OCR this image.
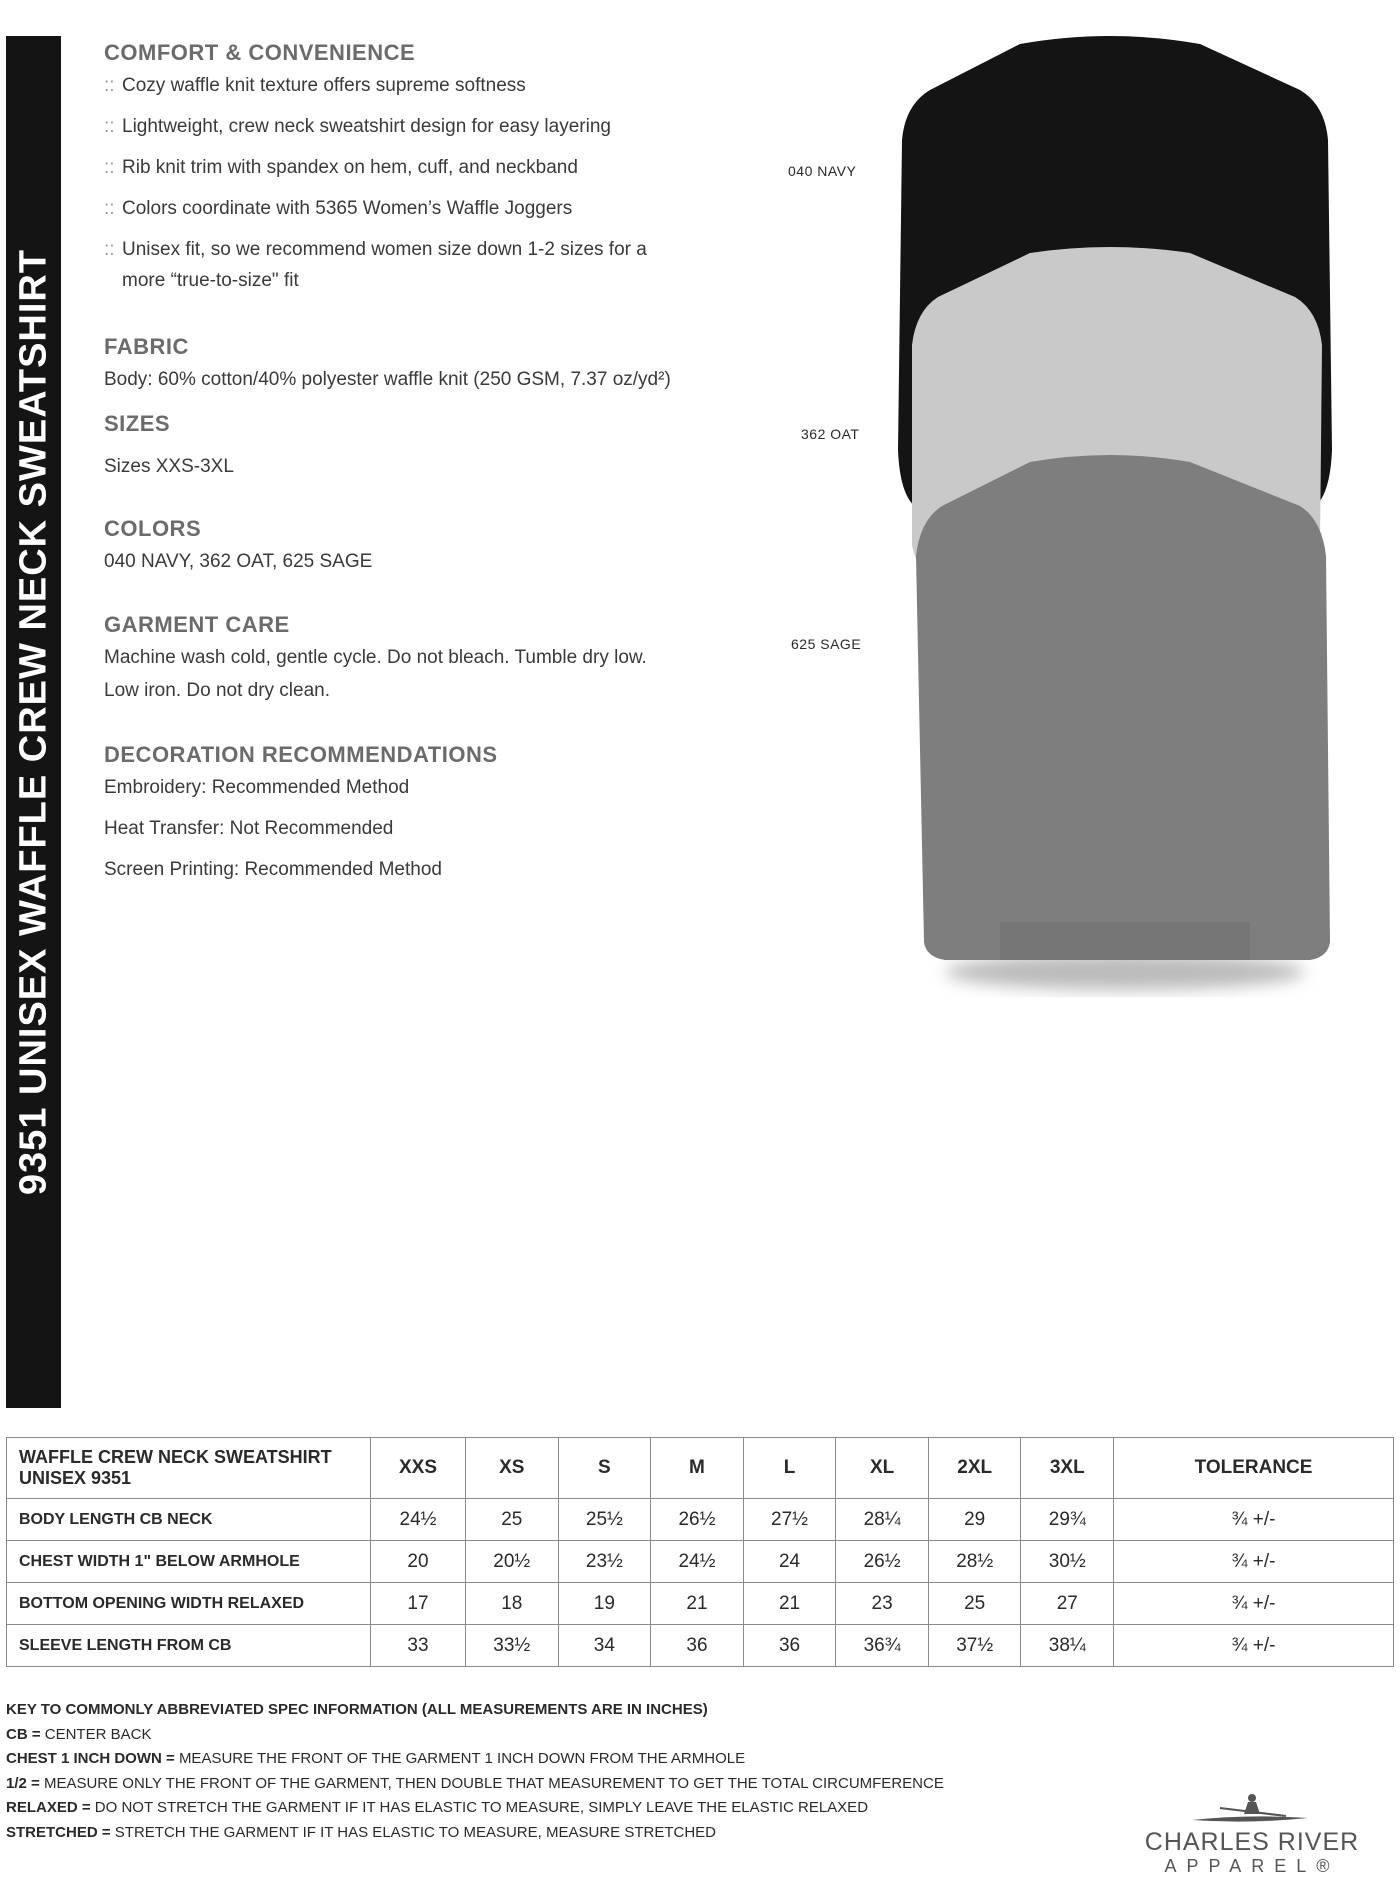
9351 UNISEX WAFFLE CREW NECK SWEATSHIRT
COMFORT & CONVENIENCE

:: Cozy waffle knit texture offers supreme softness

:: Lightweight, crew neck sweatshirt design for easy layering

:: Rib knit trim with spandex on hem, cuff, and neckband

:: Colors coordinate with 5365 Women’s Waffle Joggers

:: Unisex fit, so we recommend women size down 1-2 sizes for a

more “true-to-size" fit

FABRIC

Body: 60% cotton/40% polyester waffle knit (250 GSM, 7.37 oz/yd²)

SIZES

Sizes XXS-3XL

COLORS

040 NAVY, 362 OAT, 625 SAGE

GARMENT CARE

Machine wash cold, gentle cycle. Do not bleach. Tumble dry low.

Low iron. Do not dry clean.

DECORATION RECOMMENDATIONS

Embroidery: Recommended Method

Heat Transfer: Not Recommended

Screen Printing: Recommended Method

040 NAVY
362 OAT
625 SAGE
WAFFLE CREW NECK SWEATSHIRT
UNISEX 9351	XXS	XS	S	M	L	XL	2XL	3XL	TOLERANCE
BODY LENGTH CB NECK	24½	25	25½	26½	27½	28¼	29	29¾	¾ +/-
CHEST WIDTH 1" BELOW ARMHOLE	20	20½	23½	24½	24	26½	28½	30½	¾ +/-
BOTTOM OPENING WIDTH RELAXED	17	18	19	21	21	23	25	27	¾ +/-
SLEEVE LENGTH FROM CB	33	33½	34	36	36	36¾	37½	38¼	¾ +/-
KEY TO COMMONLY ABBREVIATED SPEC INFORMATION (ALL MEASUREMENTS ARE IN INCHES)
CB = CENTER BACK
CHEST 1 INCH DOWN = MEASURE THE FRONT OF THE GARMENT 1 INCH DOWN FROM THE ARMHOLE
1/2 = MEASURE ONLY THE FRONT OF THE GARMENT, THEN DOUBLE THAT MEASUREMENT TO GET THE TOTAL CIRCUMFERENCE
RELAXED = DO NOT STRETCH THE GARMENT IF IT HAS ELASTIC TO MEASURE, SIMPLY LEAVE THE ELASTIC RELAXED
STRETCHED = STRETCH THE GARMENT IF IT HAS ELASTIC TO MEASURE, MEASURE STRETCHED	CHARLES RIVER
APPAREL®
